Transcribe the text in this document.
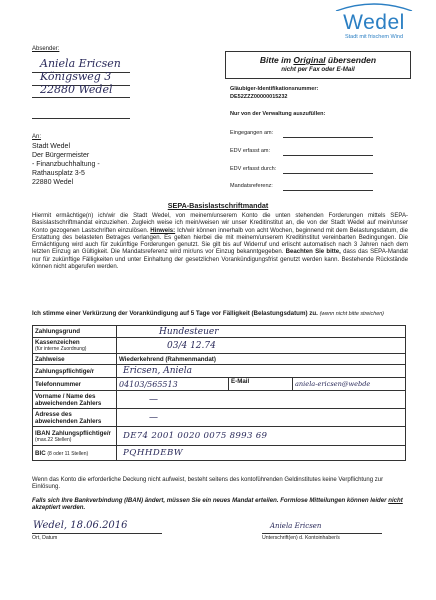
Wedel
Stadt mit frischem Wind
Absender:
Aniela Ericsen
Königsweg 3
22880 Wedel
An:
Stadt Wedel
Der Bürgermeister
- Finanzbuchhaltung -
Rathausplatz 3-5
22880 Wedel
Bitte im Original übersenden
nicht per Fax oder E-Mail
Gläubiger-Identifikationsnummer:
DE52ZZZ00000015232
Nur von der Verwaltung auszufüllen:
Eingegangen am:
EDV erfasst am:
EDV erfasst durch:
Mandatsreferenz:
SEPA-Basislastschriftmandat
Hiermit ermächtige(n) ich/wir die Stadt Wedel, von meinem/unserem Konto die unten stehenden Forderungen mittels SEPA-Basislastschriftmandat einzuziehen. Zugleich weise ich mein/weisen wir unser Kreditinstitut an, die von der Stadt Wedel auf mein/unser Konto gezogenen Lastschriften einzulösen. Hinweis: Ich/wir können innerhalb von acht Wochen, beginnend mit dem Belastungsdatum, die Erstattung des belasteten Betrages verlangen. Es gelten hierbei die mit meinem/unserem Kreditinstitut vereinbarten Bedingungen. Die Ermächtigung wird auch für zukünftige Forderungen genutzt. Sie gilt bis auf Widerruf und erlischt automatisch nach 3 Jahren nach dem letzten Einzug an Gültigkeit. Die Mandatsreferenz wird mir/uns vor Einzug bekanntgegeben. Beachten Sie bitte, dass das SEPA-Mandat nur für zukünftige Fälligkeiten und unter Einhaltung der gesetzlichen Vorankündigungsfrist genutzt werden kann. Bestehende Rückstände können nicht abgerufen werden.
Ich stimme einer Verkürzung der Vorankündigung auf 5 Tage vor Fälligkeit (Belastungsdatum) zu. (wenn nicht bitte streichen)
Zahlungsgrund	Hundesteuer		
Kassenzeichen
(für interne Zuordnung)	03/4 12.74		
Zahlweise	Wiederkehrend (Rahmenmandat)		
Zahlungspflichtige/r	Ericsen, Aniela		
Telefonnummer	04103/565513	E-Mail	aniela-ericsen@webde
Vorname / Name des abweichenden Zahlers	—		
Adresse des abweichenden Zahlers	—		
IBAN Zahlungspflichtige/r
(max.22 Stellen)	DE74 2001 0020 0075 8993 69		
BIC (8 oder 11 Stellen)	PQHHDEBW		
Wenn das Konto die erforderliche Deckung nicht aufweist, besteht seitens des kontoführenden Geldinstitutes keine Verpflichtung zur Einlösung.
Falls sich Ihre Bankverbindung (IBAN) ändert, müssen Sie ein neues Mandat erteilen. Formlose Mitteilungen können leider nicht akzeptiert werden.
Wedel, 18.06.2016
Ort, Datum
Aniela Ericsen
Unterschrift(en) d. Kontoinhaber/s
